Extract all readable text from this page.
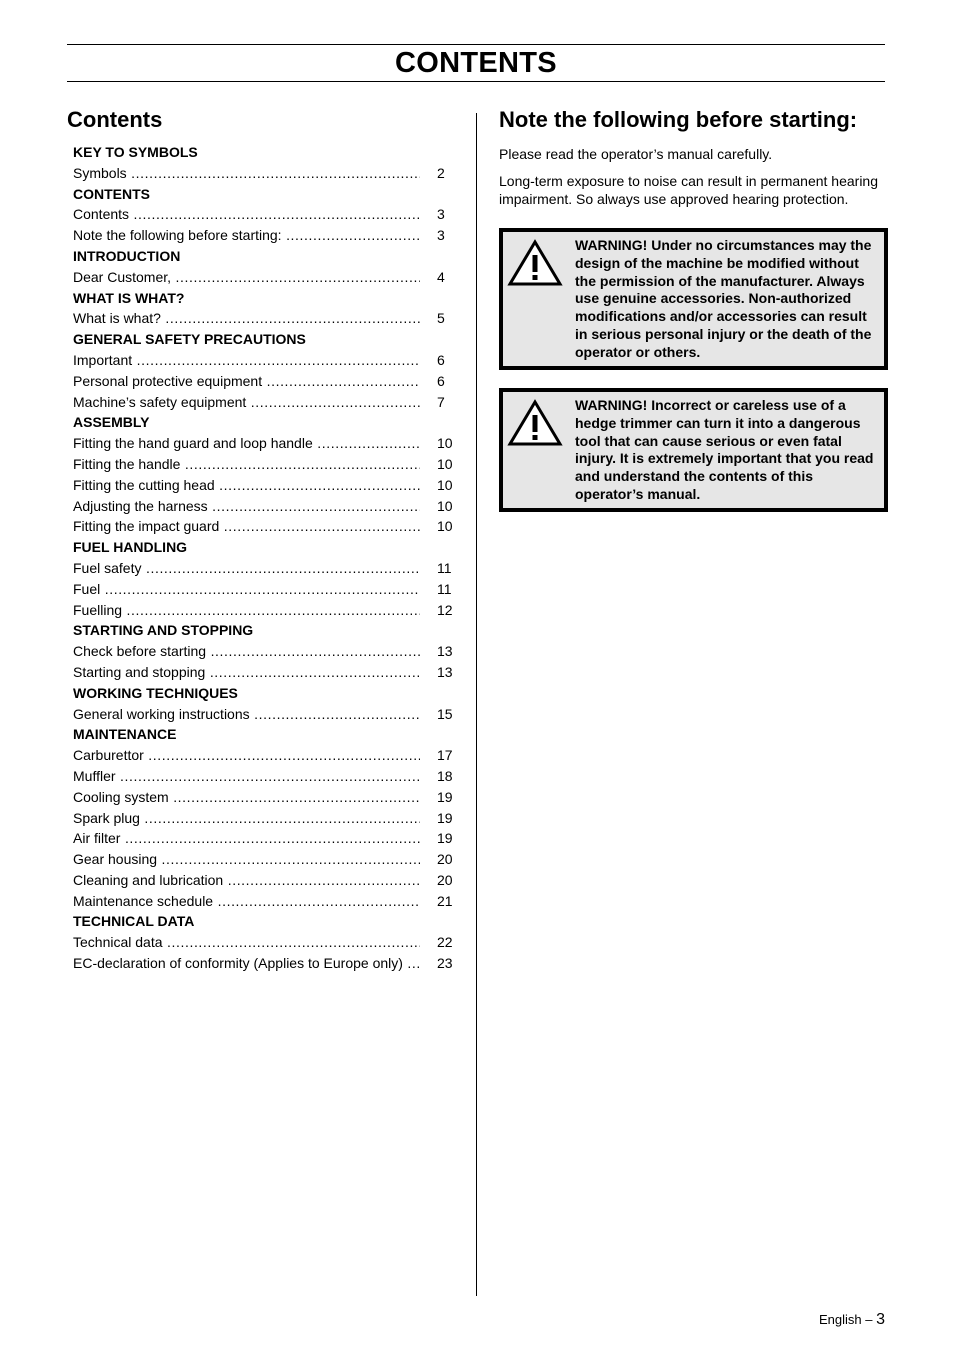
CONTENTS
Contents
KEY TO SYMBOLS
Symbols .....	2
CONTENTS
Contents .....	3
Note the following before starting: .....	3
INTRODUCTION
Dear Customer, .....	4
WHAT IS WHAT?
What is what? .....	5
GENERAL SAFETY PRECAUTIONS
Important .....	6
Personal protective equipment .....	6
Machine’s safety equipment .....	7
ASSEMBLY
Fitting the hand guard and loop handle .....	10
Fitting the handle .....	10
Fitting the cutting head .....	10
Adjusting the harness .....	10
Fitting the impact guard .....	10
FUEL HANDLING
Fuel safety .....	11
Fuel .....	11
Fuelling .....	12
STARTING AND STOPPING
Check before starting .....	13
Starting and stopping .....	13
WORKING TECHNIQUES
General working instructions .....	15
MAINTENANCE
Carburettor .....	17
Muffler .....	18
Cooling system .....	19
Spark plug .....	19
Air filter .....	19
Gear housing .....	20
Cleaning and lubrication .....	20
Maintenance schedule .....	21
TECHNICAL DATA
Technical data .....	22
EC-declaration of conformity (Applies to Europe only) .....	23
Note the following before starting:

Please read the operator’s manual carefully.

Long-term exposure to noise can result in permanent hearing impairment. So always use approved hearing protection.

WARNING! Under no circumstances may the design of the machine be modified without the permission of the manufacturer. Always use genuine accessories. Non-authorized modifications and/or accessories can result in serious personal injury or the death of the operator or others.
WARNING! Incorrect or careless use of a hedge trimmer can turn it into a dangerous tool that can cause serious or even fatal injury. It is extremely important that you read and understand the contents of this operator’s manual.
English – 3
